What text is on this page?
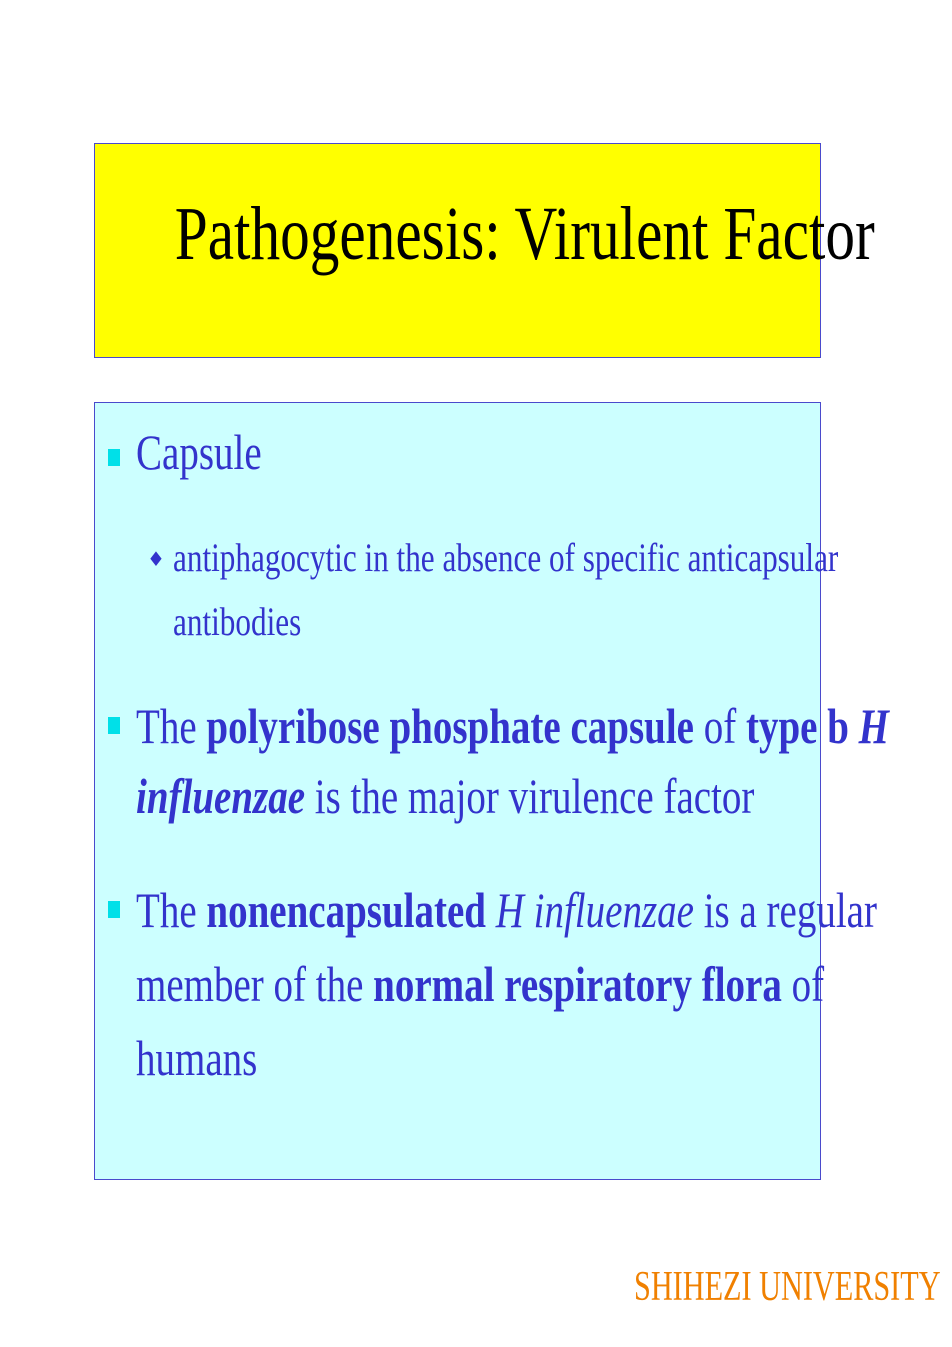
Pathogenesis: Virulent Factor
Capsule
♦ antiphagocytic in the absence of specific anticapsular
antibodies
The polyribose phosphate capsule of type b H
influenzae is the major virulence factor
The nonencapsulated H influenzae is a regular
member of the normal respiratory flora of
humans
SHIHEZI UNIVERSITY
